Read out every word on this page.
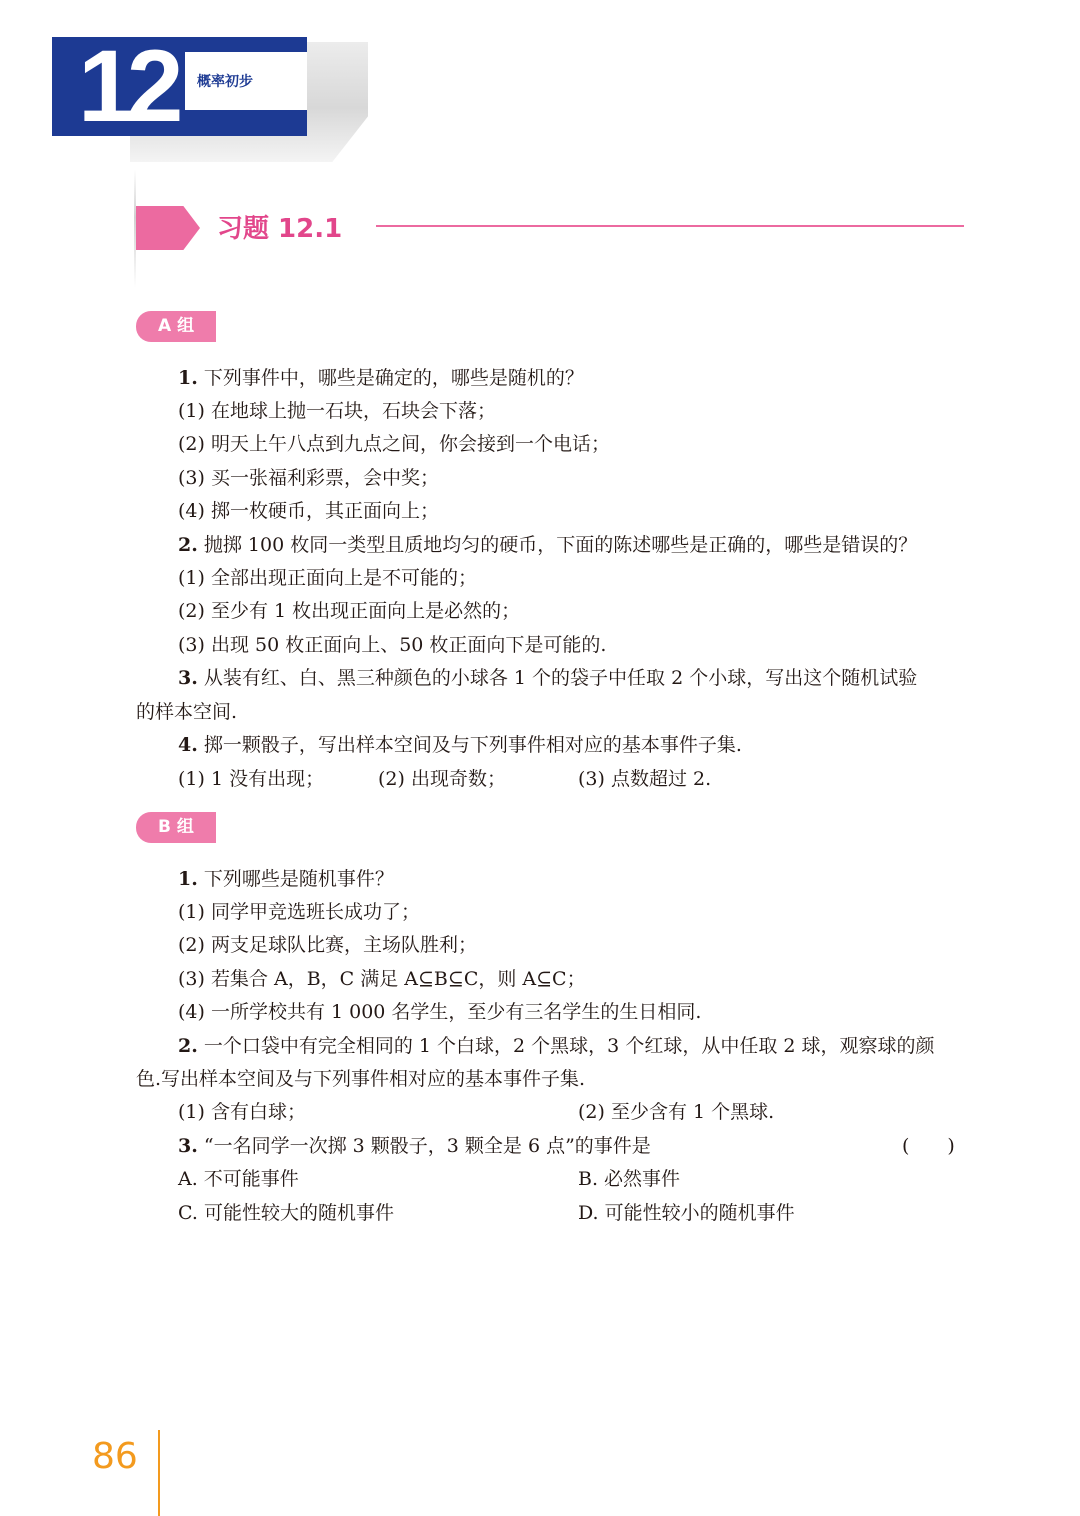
12 概率初步
习题 12.1
A 组
1. 下列事件中，哪些是确定的，哪些是随机的？
(1) 在地球上抛一石块，石块会下落；
(2) 明天上午八点到九点之间，你会接到一个电话；
(3) 买一张福利彩票，会中奖；
(4) 掷一枚硬币，其正面向上；
2. 抛掷 100 枚同一类型且质地均匀的硬币，下面的陈述哪些是正确的，哪些是错误的？
(1) 全部出现正面向上是不可能的；
(2) 至少有 1 枚出现正面向上是必然的；
(3) 出现 50 枚正面向上、50 枚正面向下是可能的.
3. 从装有红、白、黑三种颜色的小球各 1 个的袋子中任取 2 个小球，写出这个随机试验
的样本空间.
4. 掷一颗骰子，写出样本空间及与下列事件相对应的基本事件子集.
(1) 1 没有出现；	(2) 出现奇数；	(3) 点数超过 2.
B 组
1. 下列哪些是随机事件？
(1) 同学甲竞选班长成功了；
(2) 两支足球队比赛，主场队胜利；
(3) 若集合 A，B，C 满足 A⊆B⊆C，则 A⊆C；
(4) 一所学校共有 1 000 名学生，至少有三名学生的生日相同.
2. 一个口袋中有完全相同的 1 个白球，2 个黑球，3 个红球，从中任取 2 球，观察球的颜
色.写出样本空间及与下列事件相对应的基本事件子集.
(1) 含有白球；	(2) 至少含有 1 个黑球.
3. “一名同学一次掷 3 颗骰子，3 颗全是 6 点”的事件是	(　　)
A. 不可能事件	B. 必然事件
C. 可能性较大的随机事件	D. 可能性较小的随机事件
86
